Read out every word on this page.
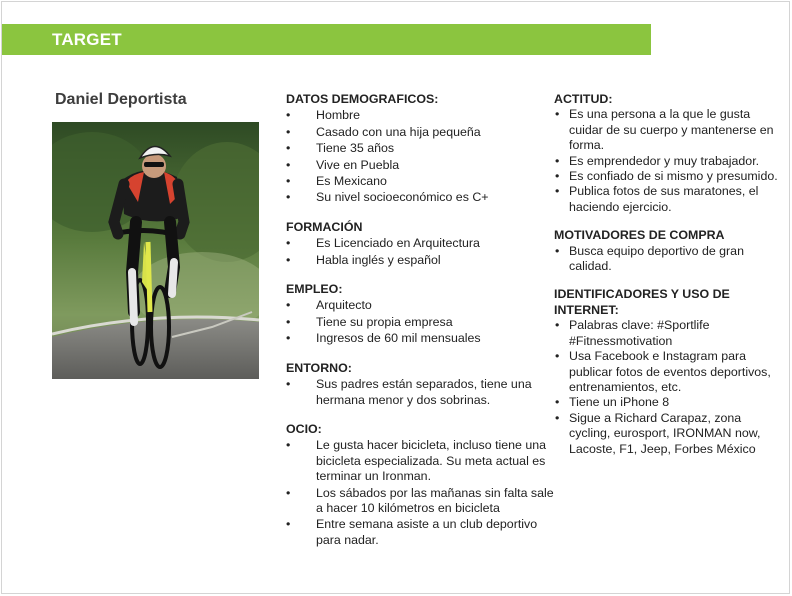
TARGET
Daniel Deportista	DATOS DEMOGRAFICOS:
• Hombre
• Casado con una hija pequeña
• Tiene 35 años
• Vive en Puebla
• Es Mexicano
• Su nivel socioeconómico es C+
FORMACIÓN
• Es Licenciado en Arquitectura
• Habla inglés y español
EMPLEO:
• Arquitecto
• Tiene su propia empresa
• Ingresos de 60 mil mensuales
ENTORNO:
• Sus padres están separados, tiene una hermana menor y dos sobrinas.
OCIO:
• Le gusta hacer bicicleta, incluso tiene una bicicleta especializada. Su meta actual es terminar un Ironman.
• Los sábados por las mañanas sin falta sale a hacer 10 kilómetros en bicicleta
• Entre semana asiste a un club deportivo para nadar.
ACTITUD:
• Es una persona a la que le gusta cuidar de su cuerpo y mantenerse en forma.
• Es emprendedor y muy trabajador.
• Es confiado de si mismo y presumido.
• Publica fotos de sus maratones, el haciendo ejercicio.
MOTIVADORES DE COMPRA
• Busca equipo deportivo de gran calidad.
IDENTIFICADORES Y USO DE INTERNET:
• Palabras clave: #Sportlife #Fitnessmotivation
• Usa Facebook e Instagram para publicar fotos de eventos deportivos, entrenamientos, etc.
• Tiene un iPhone 8
• Sigue a Richard Carapaz, zona cycling, eurosport, IRONMAN now, Lacoste, F1, Jeep, Forbes México
